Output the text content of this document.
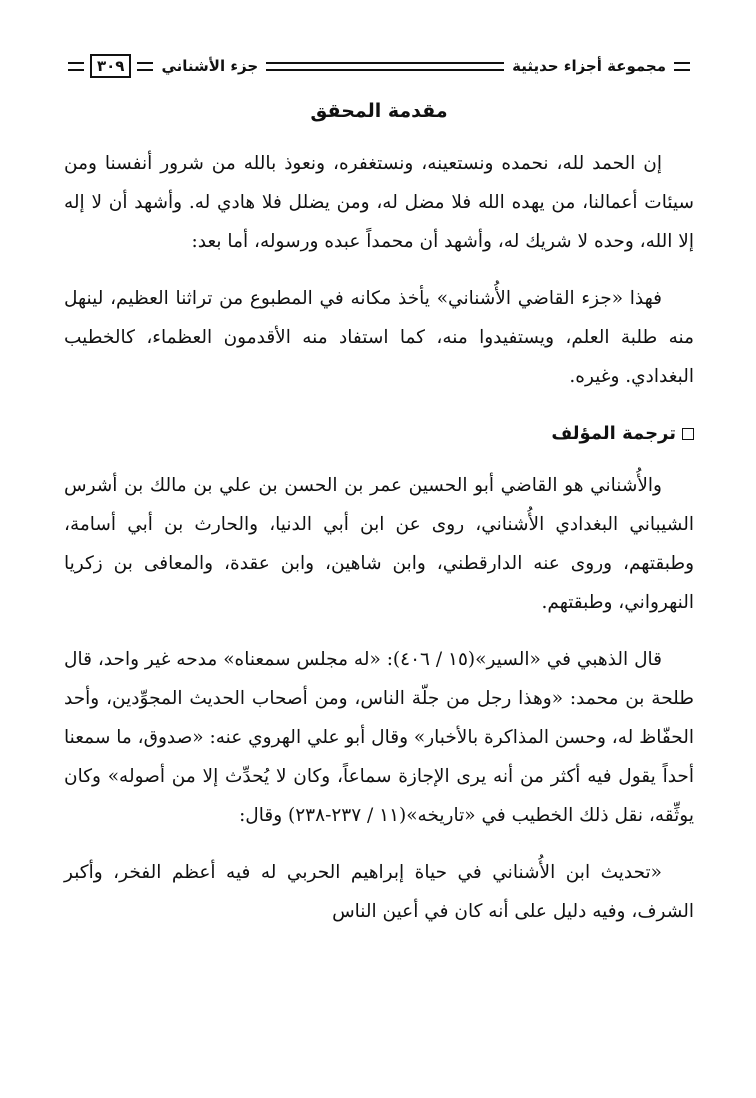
مجموعة أجزاء حديثية
جزء الأشناني
٣٠٩
مقدمة المحقق

إن الحمد لله، نحمده ونستعينه، ونستغفره، ونعوذ بالله من شرور أنفسنا ومن سيئات أعمالنا، من يهده الله فلا مضل له، ومن يضلل فلا هادي له. وأشهد أن لا إله إلا الله، وحده لا شريك له، وأشهد أن محمداً عبده ورسوله، أما بعد:

فهذا «جزء القاضي الأُشناني» يأخذ مكانه في المطبوع من تراثنا العظيم، لينهل منه طلبة العلم، ويستفيدوا منه، كما استفاد منه الأقدمون العظماء، كالخطيب البغدادي. وغيره.

ترجمة المؤلف

والأُشناني هو القاضي أبو الحسين عمر بن الحسن بن علي بن مالك بن أشرس الشيباني البغدادي الأُشناني، روى عن ابن أبي الدنيا، والحارث بن أبي أسامة، وطبقتهم، وروى عنه الدارقطني، وابن شاهين، وابن عقدة، والمعافى بن زكريا النهرواني، وطبقتهم.

قال الذهبي في «السير»(١٥ / ٤٠٦): «له مجلس سمعناه» مدحه غير واحد، قال طلحة بن محمد: «وهذا رجل من جلّة الناس، ومن أصحاب الحديث المجوِّدين، وأحد الحفّاظ له، وحسن المذاكرة بالأخبار» وقال أبو علي الهروي عنه: «صدوق، ما سمعنا أحداً يقول فيه أكثر من أنه يرى الإجازة سماعاً، وكان لا يُحدِّث إلا من أصوله» وكان يوثِّقه، نقل ذلك الخطيب في «تاريخه»(١١ / ٢٣٧-٢٣٨) وقال:

«تحديث ابن الأُشناني في حياة إبراهيم الحربي له فيه أعظم الفخر، وأكبر الشرف، وفيه دليل على أنه كان في أعين الناس
